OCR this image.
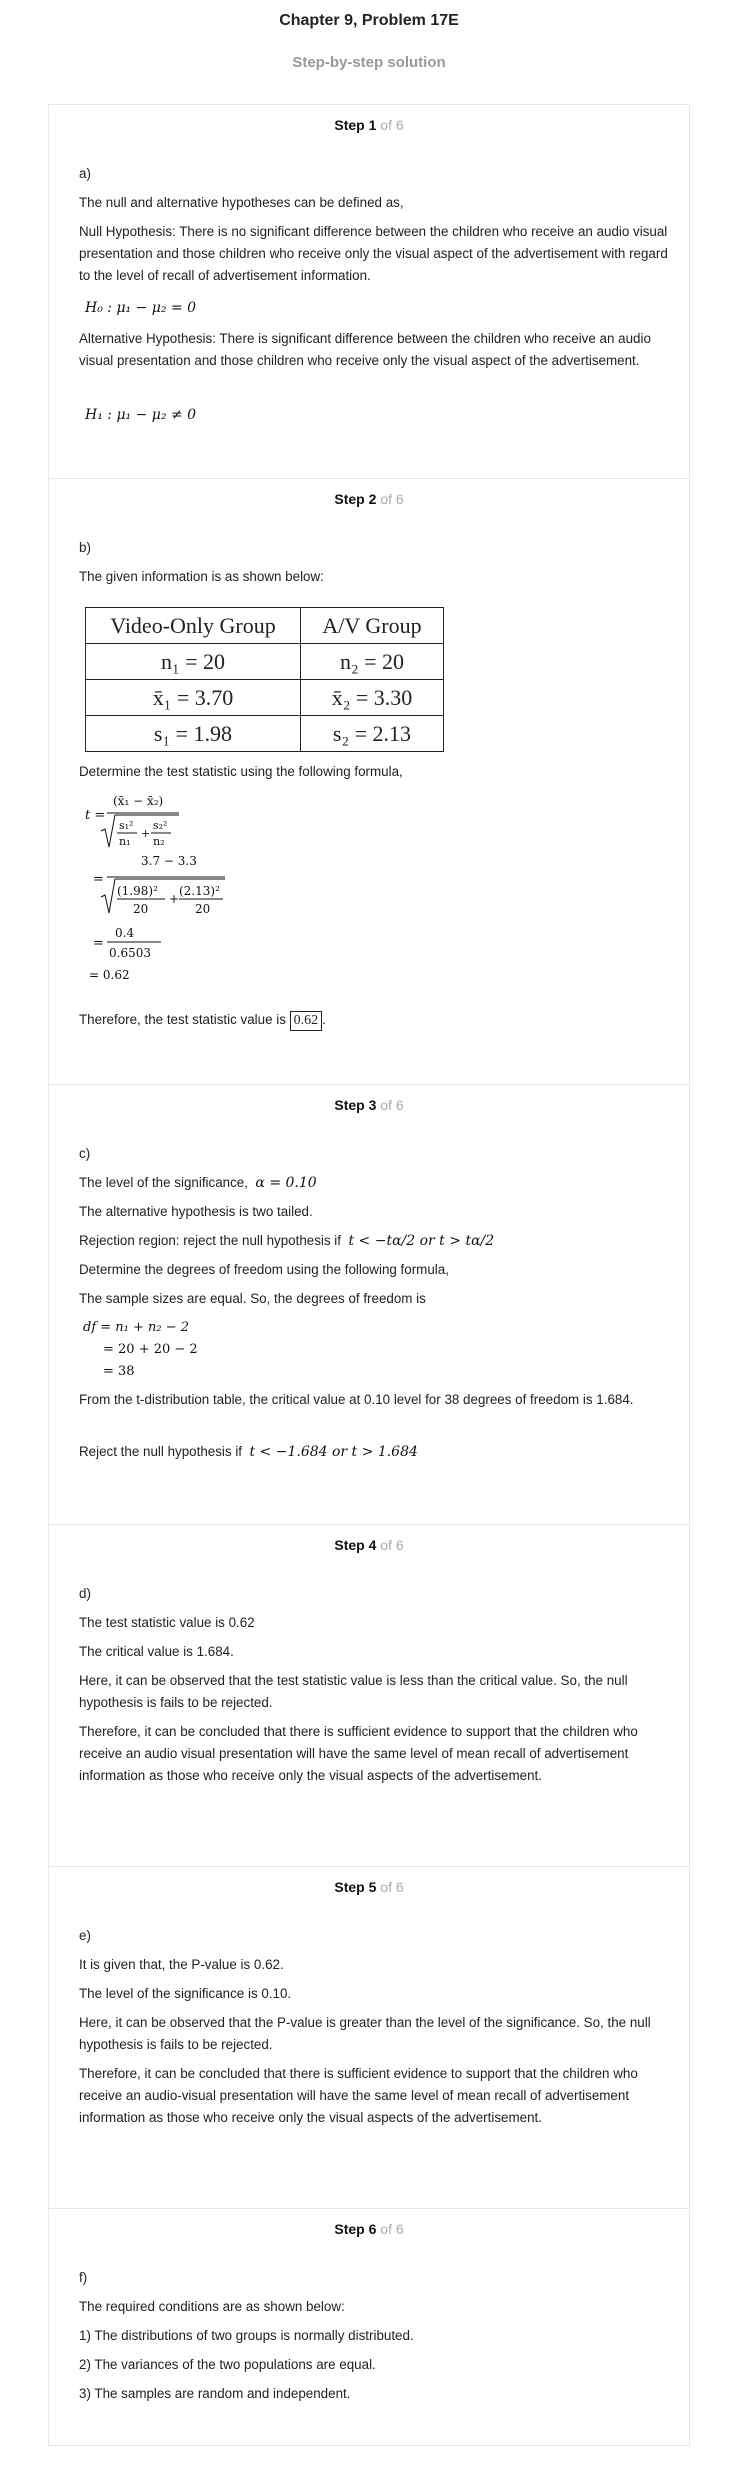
Chapter 9, Problem 17E
Step-by-step solution
Step 1 of 6
a)
The null and alternative hypotheses can be defined as,
Null Hypothesis: There is no significant difference between the children who receive an audio visual presentation and those children who receive only the visual aspect of the advertisement with regard to the level of recall of advertisement information.
H₀ : μ₁ − μ₂ = 0
Alternative Hypothesis: There is significant difference between the children who receive an audio visual presentation and those children who receive only the visual aspect of the advertisement.
H₁ : μ₁ − μ₂ ≠ 0
Step 2 of 6
b)
The given information is as shown below:
Video-Only Group	A/V Group
n₁ = 20	n₂ = 20
x̄₁ = 3.70	x̄₂ = 3.30
s₁ = 1.98	s₂ = 2.13
Determine the test statistic using the following formula,
t =
(x̄₁ − x̄₂)
s₁²
n₁
+
s₂²
n₂
=
3.7 − 3.3
(1.98)²
20
+
(2.13)²
20
=
0.4
0.6503
= 0.62
Therefore, the test statistic value is 0.62 .
Step 3 of 6
c)
The level of the significance, α = 0.10
The alternative hypothesis is two tailed.
Rejection region: reject the null hypothesis if t < −tα/2 or t > tα/2
Determine the degrees of freedom using the following formula,
The sample sizes are equal. So, the degrees of freedom is
df = n₁ + n₂ − 2
= 20 + 20 − 2
= 38
From the t-distribution table, the critical value at 0.10 level for 38 degrees of freedom is 1.684.
Reject the null hypothesis if t < −1.684 or t > 1.684
Step 4 of 6
d)
The test statistic value is 0.62
The critical value is 1.684.
Here, it can be observed that the test statistic value is less than the critical value. So, the null hypothesis is fails to be rejected.
Therefore, it can be concluded that there is sufficient evidence to support that the children who receive an audio visual presentation will have the same level of mean recall of advertisement information as those who receive only the visual aspects of the advertisement.
Step 5 of 6
e)
It is given that, the P-value is 0.62.
The level of the significance is 0.10.
Here, it can be observed that the P-value is greater than the level of the significance. So, the null hypothesis is fails to be rejected.
Therefore, it can be concluded that there is sufficient evidence to support that the children who receive an audio-visual presentation will have the same level of mean recall of advertisement information as those who receive only the visual aspects of the advertisement.
Step 6 of 6
f)
The required conditions are as shown below:
1) The distributions of two groups is normally distributed.
2) The variances of the two populations are equal.
3) The samples are random and independent.
